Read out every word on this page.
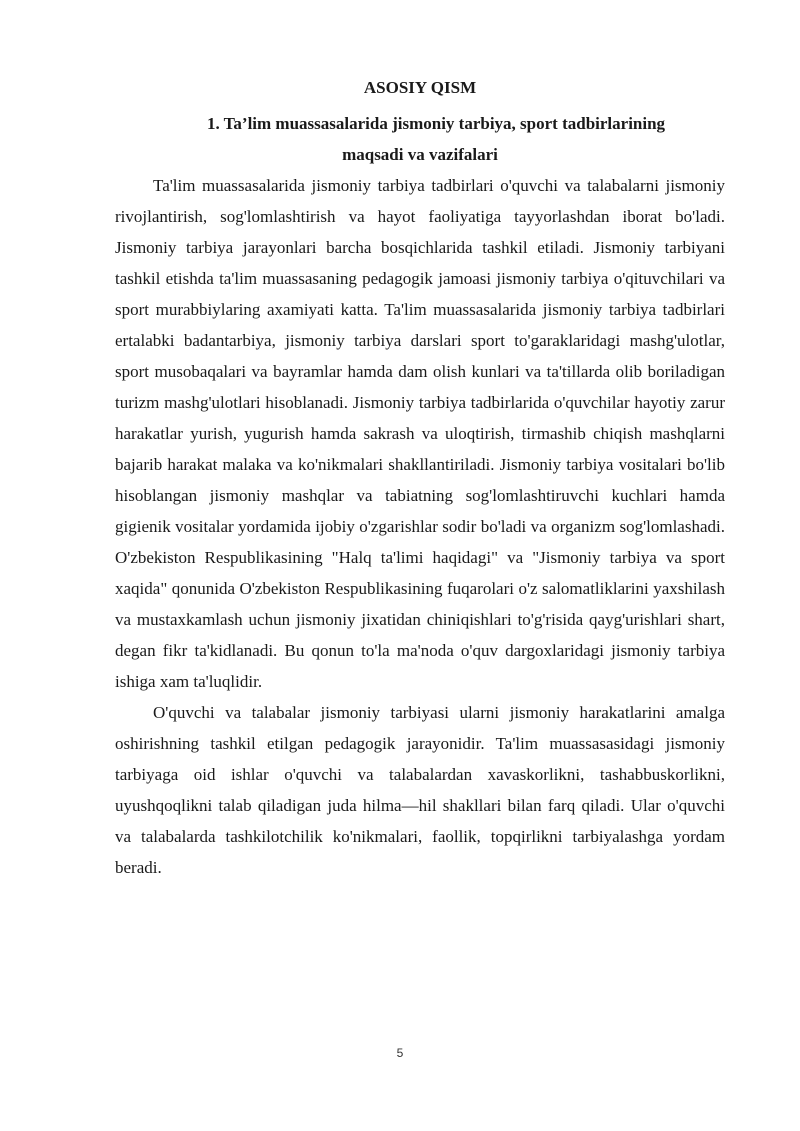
ASOSIY QISM
1. Ta’lim muassasalarida jismoniy tarbiya, sport tadbirlarining
maqsadi va vazifalari

Ta'lim muassasalarida jismoniy tarbiya tadbirlari o'quvchi va talabalarni jismoniy rivojlantirish, sog'lomlashtirish va hayot faoliyatiga tayyorlashdan iborat bo'ladi. Jismoniy tarbiya jarayonlari barcha bosqichlarida tashkil etiladi. Jismoniy tarbiyani tashkil etishda ta'lim muassasaning pedagogik jamoasi jismoniy tarbiya o'qituvchilari va sport murabbiylaring axamiyati katta. Ta'lim muassasalarida jismoniy tarbiya tadbirlari ertalabki badantarbiya, jismoniy tarbiya darslari sport to'garaklaridagi mashg'ulotlar, sport musobaqalari va bayramlar hamda dam olish kunlari va ta'tillarda olib boriladigan turizm mashg'ulotlari hisoblanadi. Jismoniy tarbiya tadbirlarida o'quvchilar hayotiy zarur harakatlar yurish, yugurish hamda sakrash va uloqtirish, tirmashib chiqish mashqlarni bajarib harakat malaka va ko'nikmalari shakllantiriladi. Jismoniy tarbiya vositalari bo'lib hisoblangan jismoniy mashqlar va tabiatning sog'lomlashtiruvchi kuchlari hamda gigienik vositalar yordamida ijobiy o'zgarishlar sodir bo'ladi va organizm sog'lomlashadi. O'zbekiston Respublikasining "Halq ta'limi haqidagi" va "Jismoniy tarbiya va sport xaqida" qonunida O'zbekiston Respublikasining fuqarolari o'z salomatliklarini yaxshilash va mustaxkamlash uchun jismoniy jixatidan chiniqishlari to'g'risida qayg'urishlari shart, degan fikr ta'kidlanadi. Bu qonun to'la ma'noda o'quv dargoxlaridagi jismoniy tarbiya ishiga xam ta'luqlidir.

O'quvchi va talabalar jismoniy tarbiyasi ularni jismoniy harakatlarini amalga oshirishning tashkil etilgan pedagogik jarayonidir. Ta'lim muassasasidagi jismoniy tarbiyaga oid ishlar o'quvchi va talabalardan xavaskorlikni, tashabbuskorlikni, uyushqoqlikni talab qiladigan juda hilma—hil shakllari bilan farq qiladi. Ular o'quvchi va talabalarda tashkilotchilik ko'nikmalari, faollik, topqirlikni tarbiyalashga yordam beradi.

5
